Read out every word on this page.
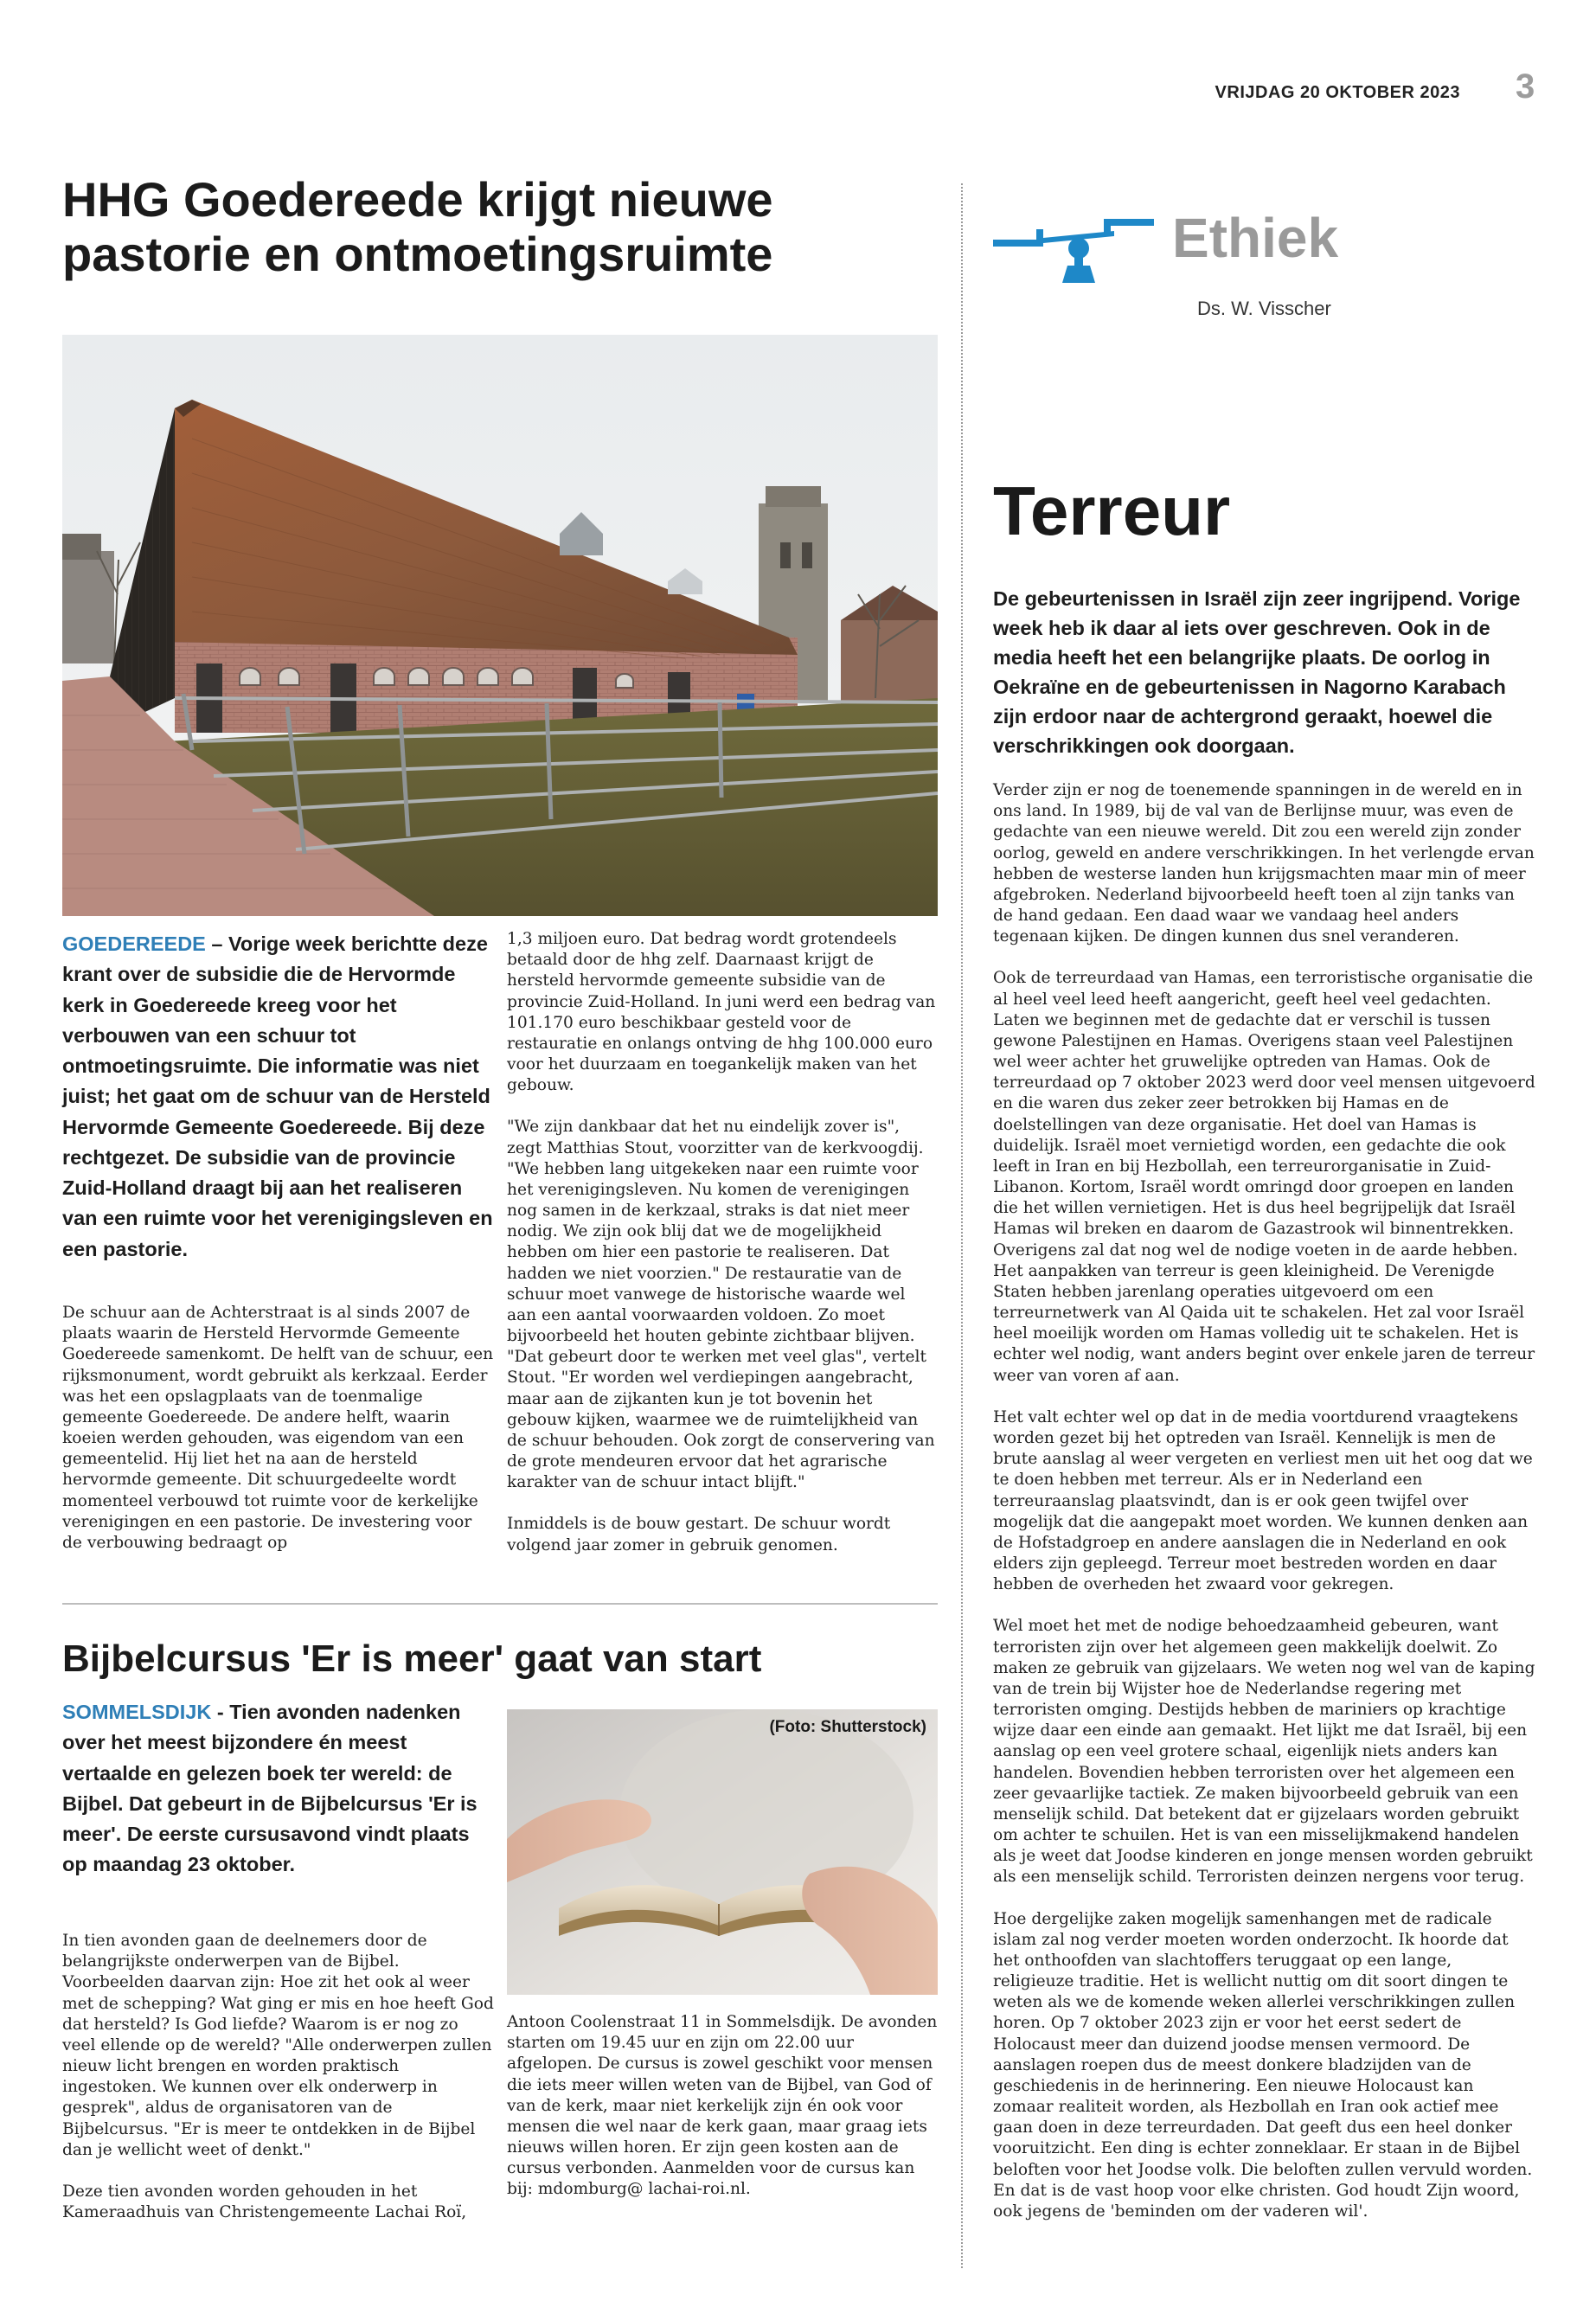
VRIJDAG 20 OKTOBER 2023 3
HHG Goedereede krijgt nieuwe
pastorie en ontmoetingsruimte
GOEDEREEDE – Vorige week berichtte deze krant over de subsidie die de Hervormde kerk in Goedereede kreeg voor het verbouwen van een schuur tot ontmoetingsruimte. Die informatie was niet juist; het gaat om de schuur van de Hersteld Hervormde Gemeente Goedereede. Bij deze rechtgezet. De subsidie van de provincie Zuid-Holland draagt bij aan het realiseren van een ruimte voor het verenigingsleven en een pastorie.

De schuur aan de Achterstraat is al sinds 2007 de plaats waarin de Hersteld Hervormde Gemeente Goedereede samenkomt. De helft van de schuur, een rijksmonument, wordt gebruikt als kerkzaal. Eerder was het een opslagplaats van de toenmalige gemeente Goedereede. De andere helft, waarin koeien werden gehouden, was eigendom van een gemeentelid. Hij liet het na aan de hersteld hervormde gemeente. Dit schuurgedeelte wordt momenteel verbouwd tot ruimte voor de kerkelijke verenigingen en een pastorie. De investering voor de verbouwing bedraagt op

1,3 miljoen euro. Dat bedrag wordt grotendeels betaald door de hhg zelf. Daarnaast krijgt de hersteld hervormde gemeente subsidie van de provincie Zuid-Holland. In juni werd een bedrag van 101.170 euro beschikbaar gesteld voor de restauratie en onlangs ontving de hhg 100.000 euro voor het duurzaam en toegankelijk maken van het gebouw.

"We zijn dankbaar dat het nu eindelijk zover is", zegt Matthias Stout, voorzitter van de kerkvoogdij. "We hebben lang uitgekeken naar een ruimte voor het verenigingsleven. Nu komen de verenigingen nog samen in de kerkzaal, straks is dat niet meer nodig. We zijn ook blij dat we de mogelijkheid hebben om hier een pastorie te realiseren. Dat hadden we niet voorzien." De restauratie van de schuur moet vanwege de historische waarde wel aan een aantal voorwaarden voldoen. Zo moet bijvoorbeeld het houten gebinte zichtbaar blijven. "Dat gebeurt door te werken met veel glas", vertelt Stout. "Er worden wel verdiepingen aangebracht, maar aan de zijkanten kun je tot bovenin het gebouw kijken, waarmee we de ruimtelijkheid van de schuur behouden. Ook zorgt de conservering van de grote mendeuren ervoor dat het agrarische karakter van de schuur intact blijft."

Inmiddels is de bouw gestart. De schuur wordt volgend jaar zomer in gebruik genomen.

Bijbelcursus 'Er is meer' gaat van start
SOMMELSDIJK - Tien avonden nadenken over het meest bijzondere én meest vertaalde en gelezen boek ter wereld: de Bijbel. Dat gebeurt in de Bijbelcursus 'Er is meer'. De eerste cursusavond vindt plaats op maandag 23 oktober.

In tien avonden gaan de deelnemers door de belangrijkste onderwerpen van de Bijbel. Voorbeelden daarvan zijn: Hoe zit het ook al weer met de schepping? Wat ging er mis en hoe heeft God dat hersteld? Is God liefde? Waarom is er nog zo veel ellende op de wereld? "Alle onderwerpen zullen nieuw licht brengen en worden praktisch ingestoken. We kunnen over elk onderwerp in gesprek", aldus de organisatoren van de Bijbelcursus. "Er is meer te ontdekken in de Bijbel dan je wellicht weet of denkt."

Deze tien avonden worden gehouden in het Kameraadhuis van Christengemeente Lachai Roï,

(Foto: Shutterstock)

Antoon Coolenstraat 11 in Sommelsdijk. De avonden starten om 19.45 uur en zijn om 22.00 uur afgelopen. De cursus is zowel geschikt voor mensen die iets meer willen weten van de Bijbel, van God of van de kerk, maar niet kerkelijk zijn én ook voor mensen die wel naar de kerk gaan, maar graag iets nieuws willen horen. Er zijn geen kosten aan de cursus verbonden. Aanmelden voor de cursus kan bij: mdomburg@ lachai-roi.nl.

Ethiek
Ds. W. Visscher
Terreur
De gebeurtenissen in Israël zijn zeer ingrijpend. Vorige week heb ik daar al iets over geschreven. Ook in de media heeft het een belangrijke plaats. De oorlog in Oekraïne en de gebeurtenissen in Nagorno Karabach zijn erdoor naar de achtergrond geraakt, hoewel die verschrikkingen ook doorgaan.

Verder zijn er nog de toenemende spanningen in de wereld en in ons land. In 1989, bij de val van de Berlijnse muur, was even de gedachte van een nieuwe wereld. Dit zou een wereld zijn zonder oorlog, geweld en andere verschrikkingen. In het verlengde ervan hebben de westerse landen hun krijgsmachten maar min of meer afgebroken. Nederland bijvoorbeeld heeft toen al zijn tanks van de hand gedaan. Een daad waar we vandaag heel anders tegenaan kijken. De dingen kunnen dus snel veranderen.

Ook de terreurdaad van Hamas, een terroristische organisatie die al heel veel leed heeft aangericht, geeft heel veel gedachten. Laten we beginnen met de gedachte dat er verschil is tussen gewone Palestijnen en Hamas. Overigens staan veel Palestijnen wel weer achter het gruwelijke optreden van Hamas. Ook de terreurdaad op 7 oktober 2023 werd door veel mensen uitgevoerd en die waren dus zeker zeer betrokken bij Hamas en de doelstellingen van deze organisatie. Het doel van Hamas is duidelijk. Israël moet vernietigd worden, een gedachte die ook leeft in Iran en bij Hezbollah, een terreurorganisatie in Zuid-Libanon. Kortom, Israël wordt omringd door groepen en landen die het willen vernietigen. Het is dus heel begrijpelijk dat Israël Hamas wil breken en daarom de Gazastrook wil binnentrekken. Overigens zal dat nog wel de nodige voeten in de aarde hebben. Het aanpakken van terreur is geen kleinigheid. De Verenigde Staten hebben jarenlang operaties uitgevoerd om een terreurnetwerk van Al Qaida uit te schakelen. Het zal voor Israël heel moeilijk worden om Hamas volledig uit te schakelen. Het is echter wel nodig, want anders begint over enkele jaren de terreur weer van voren af aan.

Het valt echter wel op dat in de media voortdurend vraagtekens worden gezet bij het optreden van Israël. Kennelijk is men de brute aanslag al weer vergeten en verliest men uit het oog dat we te doen hebben met terreur. Als er in Nederland een terreuraanslag plaatsvindt, dan is er ook geen twijfel over mogelijk dat die aangepakt moet worden. We kunnen denken aan de Hofstadgroep en andere aanslagen die in Nederland en ook elders zijn gepleegd. Terreur moet bestreden worden en daar hebben de overheden het zwaard voor gekregen.

Wel moet het met de nodige behoedzaamheid gebeuren, want terroristen zijn over het algemeen geen makkelijk doelwit. Zo maken ze gebruik van gijzelaars. We weten nog wel van de kaping van de trein bij Wijster hoe de Nederlandse regering met terroristen omging. Destijds hebben de mariniers op krachtige wijze daar een einde aan gemaakt. Het lijkt me dat Israël, bij een aanslag op een veel grotere schaal, eigenlijk niets anders kan handelen. Bovendien hebben terroristen over het algemeen een zeer gevaarlijke tactiek. Ze maken bijvoorbeeld gebruik van een menselijk schild. Dat betekent dat er gijzelaars worden gebruikt om achter te schuilen. Het is van een misselijkmakend handelen als je weet dat Joodse kinderen en jonge mensen worden gebruikt als een menselijk schild. Terroristen deinzen nergens voor terug.

Hoe dergelijke zaken mogelijk samenhangen met de radicale islam zal nog verder moeten worden onderzocht. Ik hoorde dat het onthoofden van slachtoffers teruggaat op een lange, religieuze traditie. Het is wellicht nuttig om dit soort dingen te weten als we de komende weken allerlei verschrikkingen zullen horen. Op 7 oktober 2023 zijn er voor het eerst sedert de Holocaust meer dan duizend joodse mensen vermoord. De aanslagen roepen dus de meest donkere bladzijden van de geschiedenis in de herinnering. Een nieuwe Holocaust kan zomaar realiteit worden, als Hezbollah en Iran ook actief mee gaan doen in deze terreurdaden. Dat geeft dus een heel donker vooruitzicht. Een ding is echter zonneklaar. Er staan in de Bijbel beloften voor het Joodse volk. Die beloften zullen vervuld worden. En dat is de vast hoop voor elke christen. God houdt Zijn woord, ook jegens de 'beminden om der vaderen wil'.
